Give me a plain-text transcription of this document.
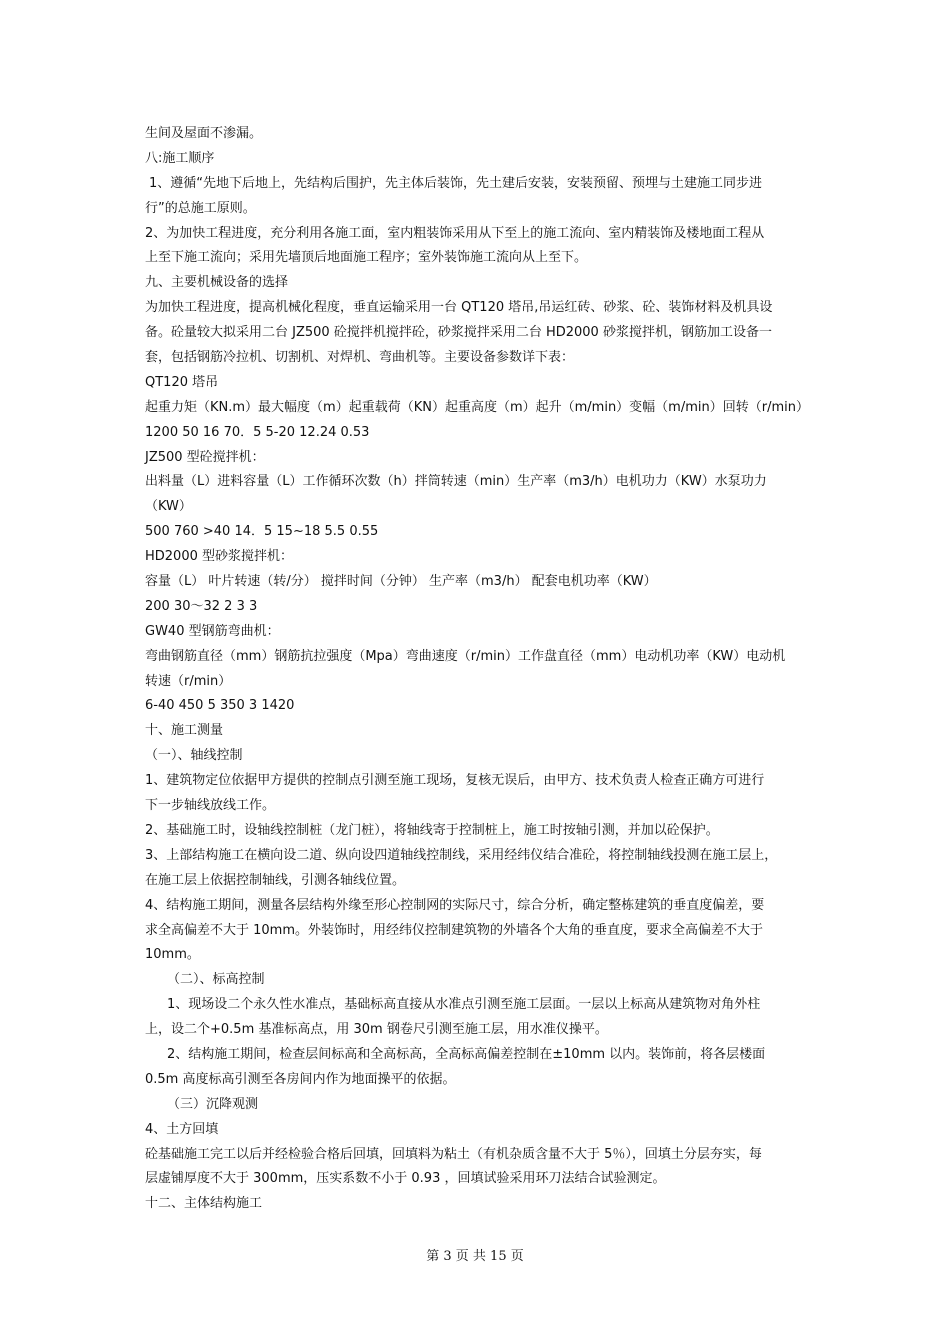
生间及屋面不渗漏。
八:施工顺序
1、遵循“先地下后地上，先结构后围护，先主体后装饰，先土建后安装，安装预留、预埋与土建施工同步进
行”的总施工原则。
2、为加快工程进度，充分利用各施工面，室内粗装饰采用从下至上的施工流向、室内精装饰及楼地面工程从
上至下施工流向；采用先墙顶后地面施工程序；室外装饰施工流向从上至下。
九、主要机械设备的选择
为加快工程进度，提高机械化程度，垂直运输采用一台 QT120 塔吊,吊运红砖、砂浆、砼、装饰材料及机具设
备。砼量较大拟采用二台 JZ500 砼搅拌机搅拌砼，砂浆搅拌采用二台 HD2000 砂浆搅拌机，钢筋加工设备一
套，包括钢筋冷拉机、切割机、对焊机、弯曲机等。主要设备参数详下表：
QT120 塔吊
起重力矩（KN.m）最大幅度（m）起重载荷（KN）起重高度（m）起升（m/min）变幅（m/min）回转（r/min）
1200 50 16 70．5 5-20 12.24 0.53
JZ500 型砼搅拌机：
出料量（L）进料容量（L）工作循环次数（h）拌筒转速（min）生产率（m3/h）电机功力（KW）水泵功力
（KW）
500 760 >40 14．5 15~18 5.5 0.55
HD2000 型砂浆搅拌机：
容量（L） 叶片转速（转/分） 搅拌时间（分钟） 生产率（m3/h） 配套电机功率（KW）
200 30～32 2 3 3
GW40 型钢筋弯曲机：
弯曲钢筋直径（mm）钢筋抗拉强度（Mpa）弯曲速度（r/min）工作盘直径（mm）电动机功率（KW）电动机
转速（r/min）
6-40 450 5 350 3 1420
十、施工测量
（一）、轴线控制
1、建筑物定位依据甲方提供的控制点引测至施工现场，复核无误后，由甲方、技术负责人检查正确方可进行
下一步轴线放线工作。
2、基础施工时，设轴线控制桩（龙门桩），将轴线寄于控制桩上，施工时按轴引测，并加以砼保护。
3、上部结构施工在横向设二道、纵向设四道轴线控制线，采用经纬仪结合准砼，将控制轴线投测在施工层上，
在施工层上依据控制轴线，引测各轴线位置。
4、结构施工期间，测量各层结构外缘至形心控制网的实际尺寸，综合分析，确定整栋建筑的垂直度偏差，要
求全高偏差不大于 10mm。外装饰时，用经纬仪控制建筑物的外墙各个大角的垂直度，要求全高偏差不大于
10mm。
（二）、标高控制
1、现场设二个永久性水准点，基础标高直接从水准点引测至施工层面。一层以上标高从建筑物对角外柱
上，设二个+0.5m 基准标高点，用 30m 钢卷尺引测至施工层，用水准仪操平。
2、结构施工期间，检查层间标高和全高标高，全高标高偏差控制在±10mm 以内。装饰前，将各层楼面
0.5m 高度标高引测至各房间内作为地面操平的依据。
（三）沉降观测
4、土方回填
砼基础施工完工以后并经检验合格后回填，回填料为粘土（有机杂质含量不大于 5％），回填土分层夯实，每
层虚铺厚度不大于 300mm，压实系数不小于 0.93 ，回填试验采用环刀法结合试验测定。
十二、主体结构施工
第 3 页 共 15 页
